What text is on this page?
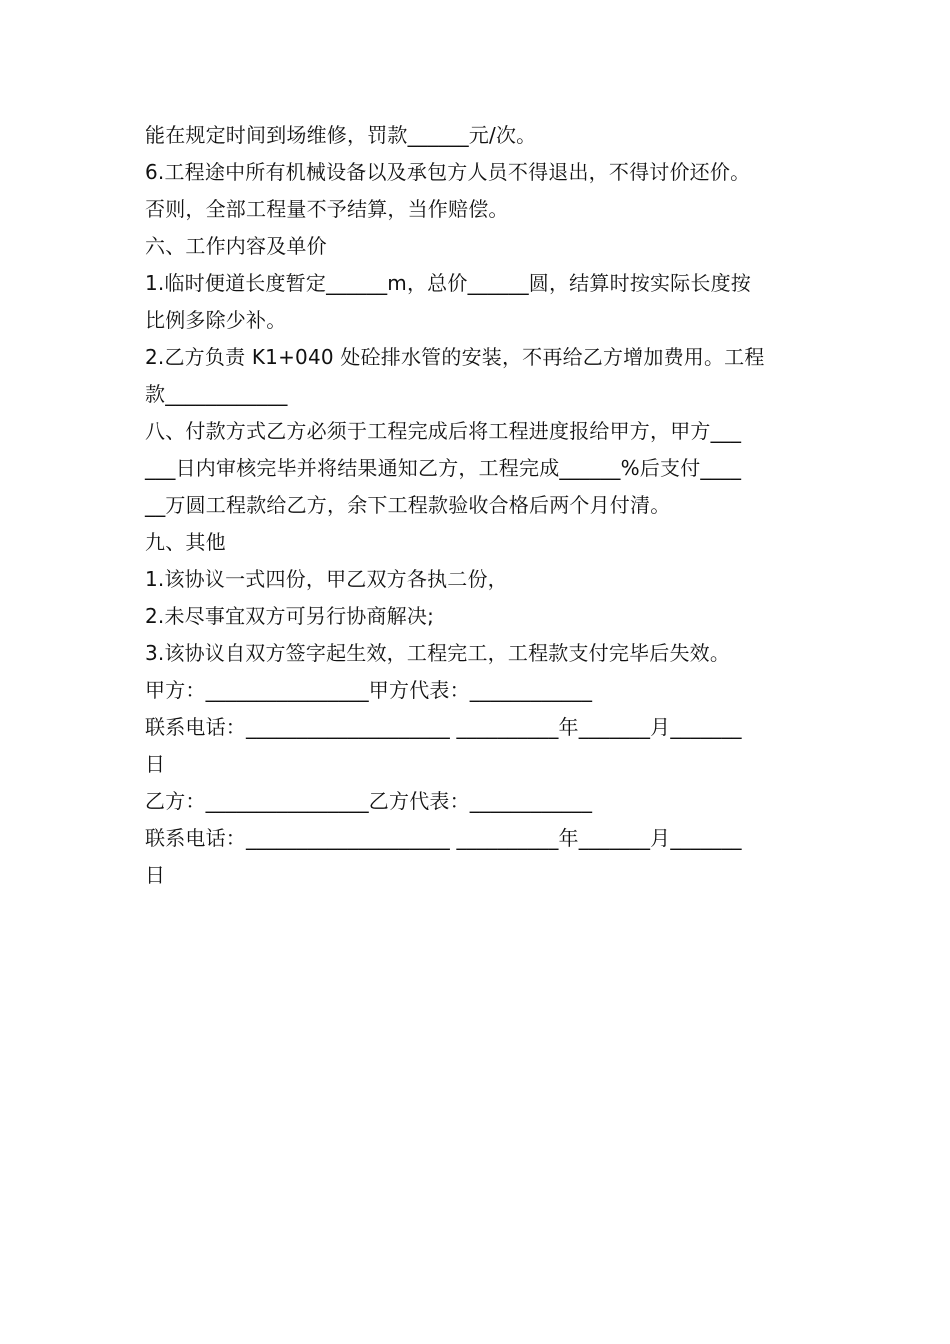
能在规定时间到场维修，罚款______元/次。
6.工程途中所有机械设备以及承包方人员不得退出，不得讨价还价。
否则，全部工程量不予结算，当作赔偿。
六、工作内容及单价
1.临时便道长度暂定______m，总价______圆，结算时按实际长度按
比例多除少补。
2.乙方负责 K1+040 处砼排水管的安装，不再给乙方增加费用。工程
款____________
八、付款方式乙方必须于工程完成后将工程进度报给甲方，甲方___
___日内审核完毕并将结果通知乙方，工程完成______%后支付____
__万圆工程款给乙方，余下工程款验收合格后两个月付清。
九、其他
1.该协议一式四份，甲乙双方各执二份，
2.未尽事宜双方可另行协商解决;
3.该协议自双方签字起生效，工程完工，工程款支付完毕后失效。
甲方：________________甲方代表：____________
联系电话：____________________ __________年_______月_______
日
乙方：________________乙方代表：____________
联系电话：____________________ __________年_______月_______
日
